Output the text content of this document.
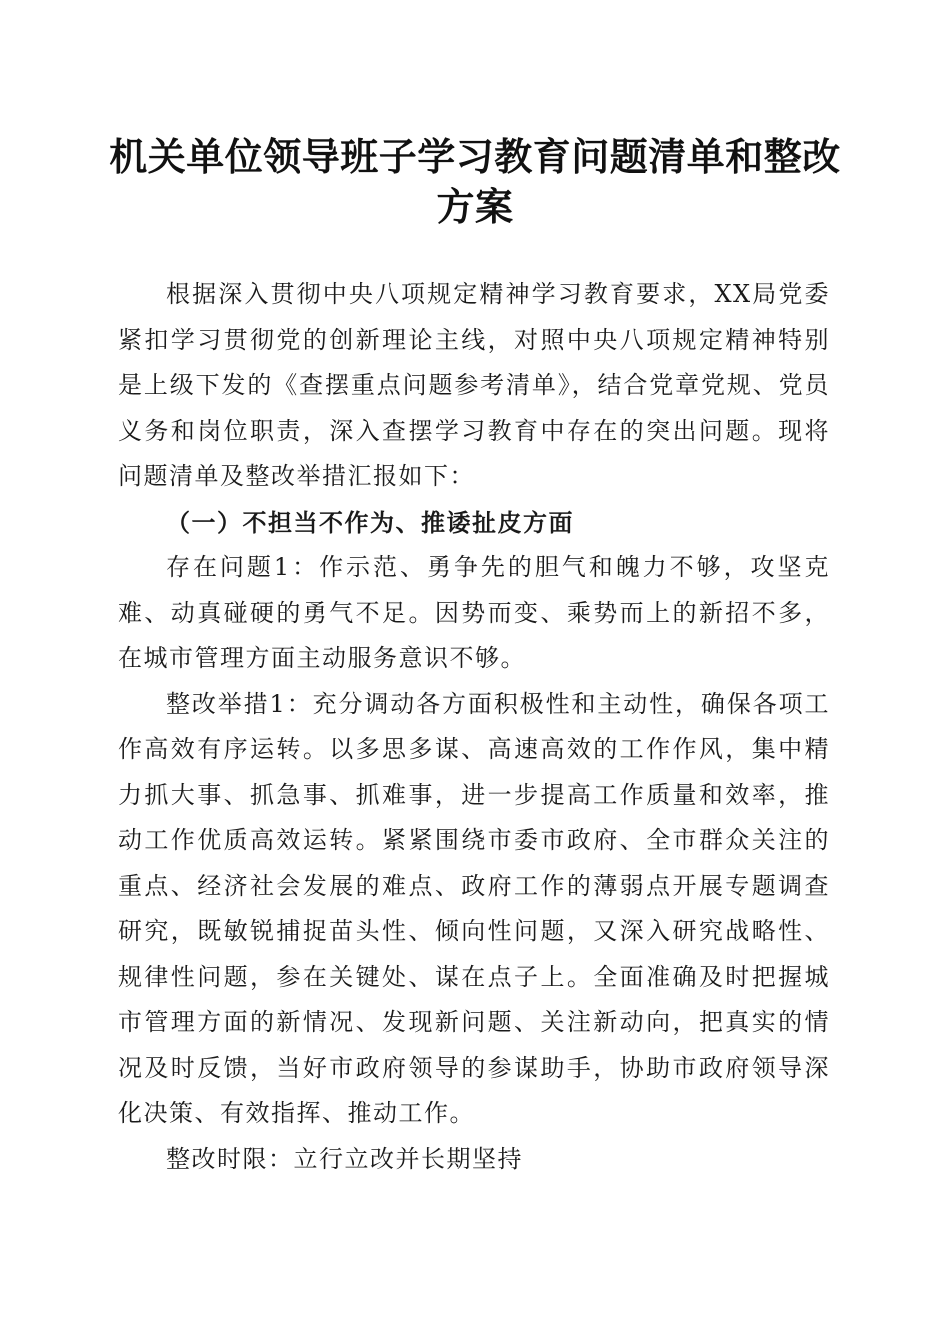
机关单位领导班子学习教育问题清单和整改方案

根据深入贯彻中央八项规定精神学习教育要求，XX局党委紧扣学习贯彻党的创新理论主线，对照中央八项规定精神特别是上级下发的《查摆重点问题参考清单》，结合党章党规、党员义务和岗位职责，深入查摆学习教育中存在的突出问题。现将问题清单及整改举措汇报如下：

（一）不担当不作为、推诿扯皮方面

存在问题1：作示范、勇争先的胆气和魄力不够，攻坚克难、动真碰硬的勇气不足。因势而变、乘势而上的新招不多，在城市管理方面主动服务意识不够。

整改举措1：充分调动各方面积极性和主动性，确保各项工作高效有序运转。以多思多谋、高速高效的工作作风，集中精力抓大事、抓急事、抓难事，进一步提高工作质量和效率，推动工作优质高效运转。紧紧围绕市委市政府、全市群众关注的重点、经济社会发展的难点、政府工作的薄弱点开展专题调查研究，既敏锐捕捉苗头性、倾向性问题，又深入研究战略性、规律性问题，参在关键处、谋在点子上。全面准确及时把握城市管理方面的新情况、发现新问题、关注新动向，把真实的情况及时反馈，当好市政府领导的参谋助手，协助市政府领导深化决策、有效指挥、推动工作。

整改时限：立行立改并长期坚持
